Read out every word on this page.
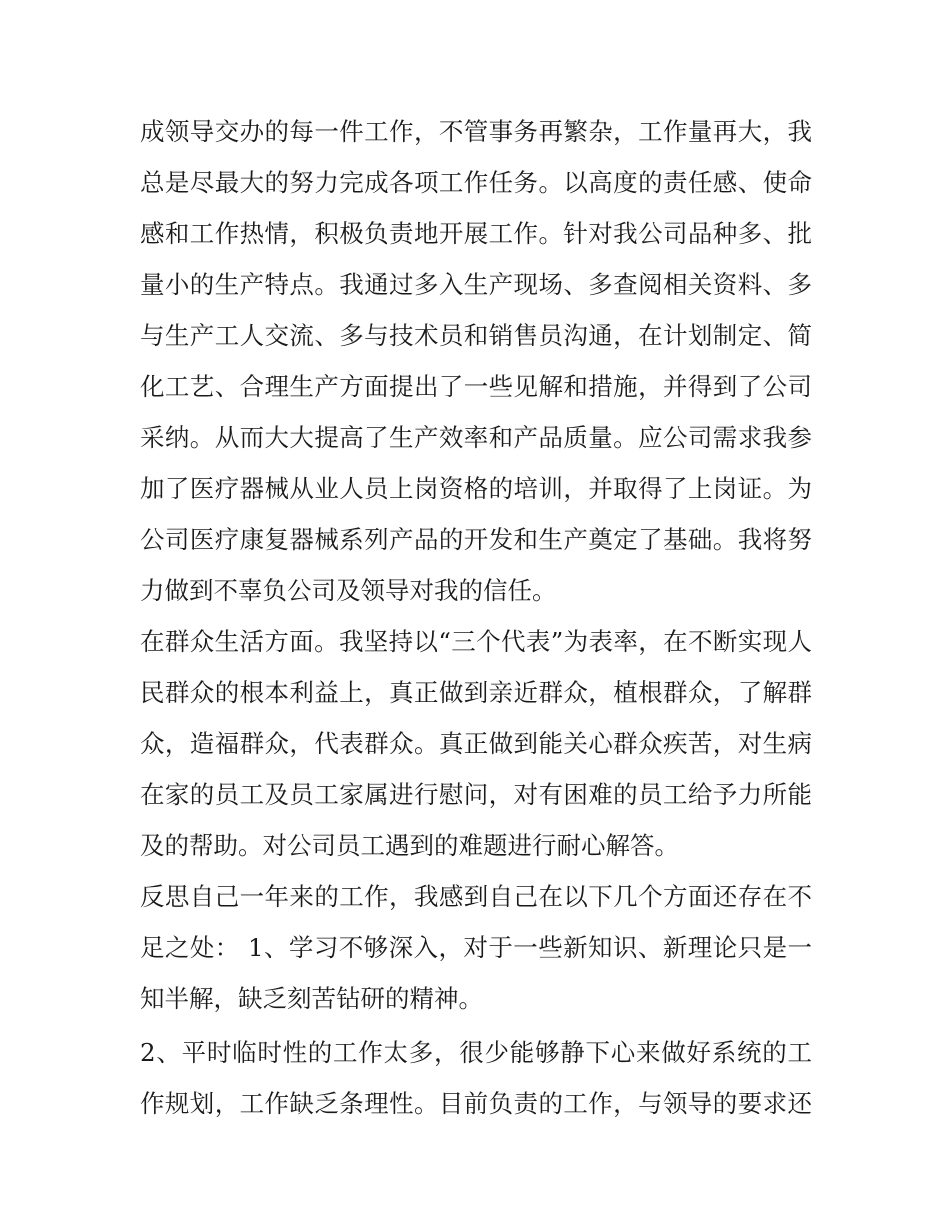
成领导交办的每一件工作，不管事务再繁杂，工作量再大，我
总是尽最大的努力完成各项工作任务。以高度的责任感、使命
感和工作热情，积极负责地开展工作。针对我公司品种多、批
量小的生产特点。我通过多入生产现场、多查阅相关资料、多
与生产工人交流、多与技术员和销售员沟通，在计划制定、简
化工艺、合理生产方面提出了一些见解和措施，并得到了公司
采纳。从而大大提高了生产效率和产品质量。应公司需求我参
加了医疗器械从业人员上岗资格的培训，并取得了上岗证。为
公司医疗康复器械系列产品的开发和生产奠定了基础。我将努
力做到不辜负公司及领导对我的信任。
在群众生活方面。我坚持以“三个代表”为表率，在不断实现人
民群众的根本利益上，真正做到亲近群众，植根群众，了解群
众，造福群众，代表群众。真正做到能关心群众疾苦，对生病
在家的员工及员工家属进行慰问，对有困难的员工给予力所能
及的帮助。对公司员工遇到的难题进行耐心解答。
反思自己一年来的工作，我感到自己在以下几个方面还存在不
足之处： 1、学习不够深入，对于一些新知识、新理论只是一
知半解，缺乏刻苦钻研的精神。
2、平时临时性的工作太多，很少能够静下心来做好系统的工
作规划，工作缺乏条理性。目前负责的工作，与领导的要求还
